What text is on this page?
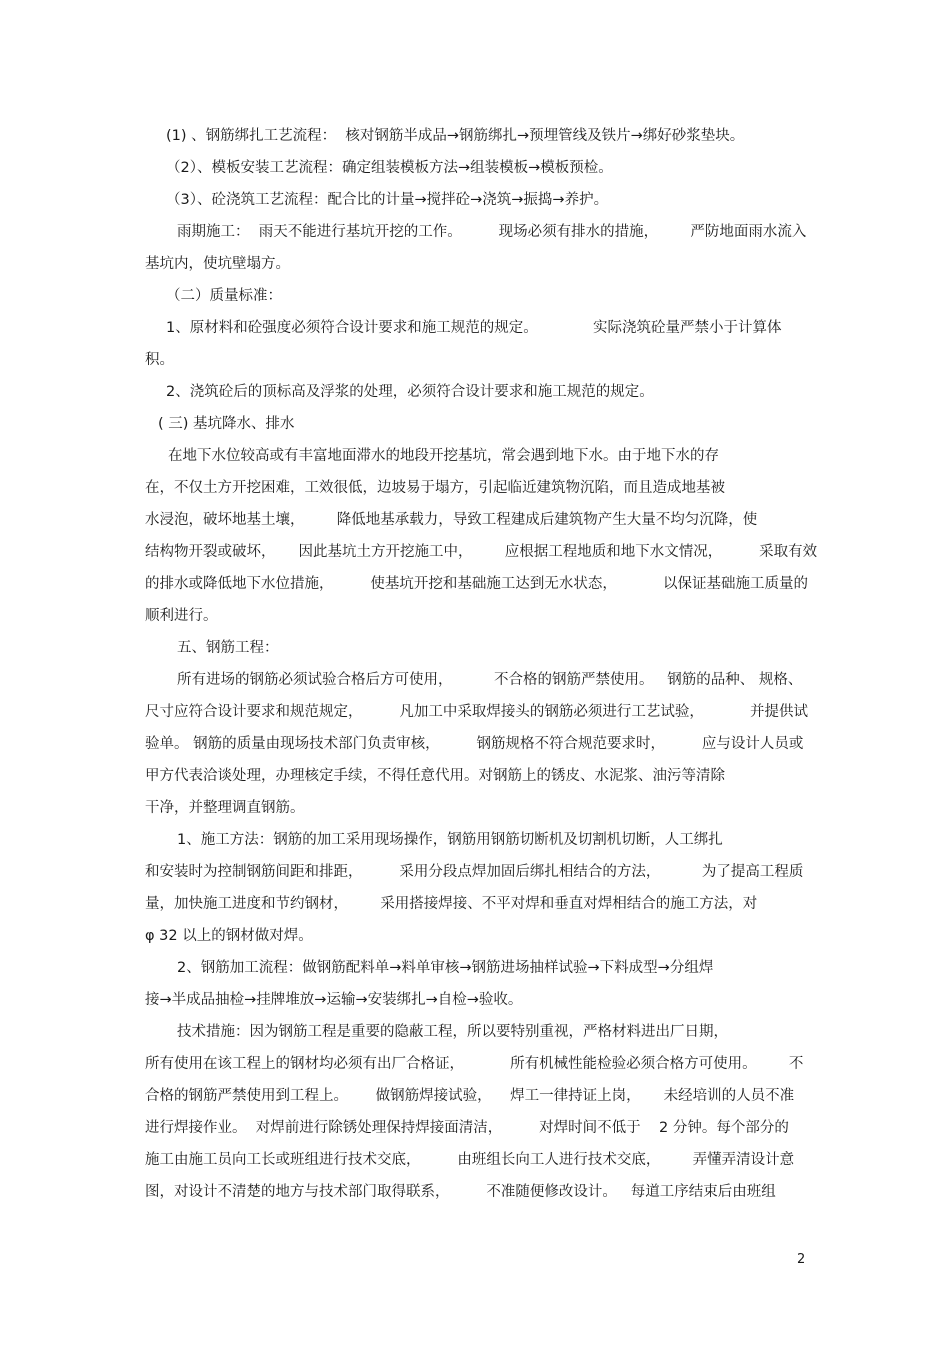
(1) 、钢筋绑扎工艺流程：  核对钢筋半成品→钢筋绑扎→预埋管线及铁片→绑好砂浆垫块。

（2）、模板安装工艺流程：确定组装模板方法→组装模板→模板预检。

（3）、砼浇筑工艺流程：配合比的计量→搅拌砼→浇筑→振捣→养护。

雨期施工：  雨天不能进行基坑开挖的工作。        现场必须有排水的措施，       严防地面雨水流入

基坑内，使坑壁塌方。

（二）质量标准：

1、原材料和砼强度必须符合设计要求和施工规范的规定。            实际浇筑砼量严禁小于计算体

积。

2、浇筑砼后的顶标高及浮浆的处理，必须符合设计要求和施工规范的规定。

( 三) 基坑降水、排水

在地下水位较高或有丰富地面滞水的地段开挖基坑，常会遇到地下水。由于地下水的存

在，不仅土方开挖困难，工效很低，边坡易于塌方，引起临近建筑物沉陷，而且造成地基被

水浸泡，破坏地基土壤，       降低地基承载力，导致工程建成后建筑物产生大量不均匀沉降，使

结构物开裂或破坏，     因此基坑土方开挖施工中，       应根据工程地质和地下水文情况，        采取有效

的排水或降低地下水位措施，        使基坑开挖和基础施工达到无水状态，          以保证基础施工质量的

顺利进行。

五、钢筋工程：

所有进场的钢筋必须试验合格后方可使用，         不合格的钢筋严禁使用。   钢筋的品种、 规格、

尺寸应符合设计要求和规范规定，        凡加工中采取焊接头的钢筋必须进行工艺试验，          并提供试

验单。 钢筋的质量由现场技术部门负责审核，        钢筋规格不符合规范要求时，        应与设计人员或

甲方代表洽谈处理，办理核定手续，不得任意代用。对钢筋上的锈皮、水泥浆、油污等清除

干净，并整理调直钢筋。

1、施工方法：钢筋的加工采用现场操作，钢筋用钢筋切断机及切割机切断，人工绑扎

和安装时为控制钢筋间距和排距，        采用分段点焊加固后绑扎相结合的方法，         为了提高工程质

量，加快施工进度和节约钢材，       采用搭接焊接、不平对焊和垂直对焊相结合的施工方法，对

φ 32 以上的钢材做对焊。

2、钢筋加工流程：做钢筋配料单→料单审核→钢筋进场抽样试验→下料成型→分组焊

接→半成品抽检→挂牌堆放→运输→安装绑扎→自检→验收。

技术措施：因为钢筋工程是重要的隐蔽工程，所以要特别重视，严格材料进出厂日期，

所有使用在该工程上的钢材均必须有出厂合格证，          所有机械性能检验必须合格方可使用。       不

合格的钢筋严禁使用到工程上。      做钢筋焊接试验，    焊工一律持证上岗，     未经培训的人员不准

进行焊接作业。  对焊前进行除锈处理保持焊接面清洁，        对焊时间不低于    2 分钟。每个部分的

施工由施工员向工长或班组进行技术交底，        由班组长向工人进行技术交底，       弄懂弄清设计意

图，对设计不清楚的地方与技术部门取得联系，        不准随便修改设计。   每道工序结束后由班组

2
